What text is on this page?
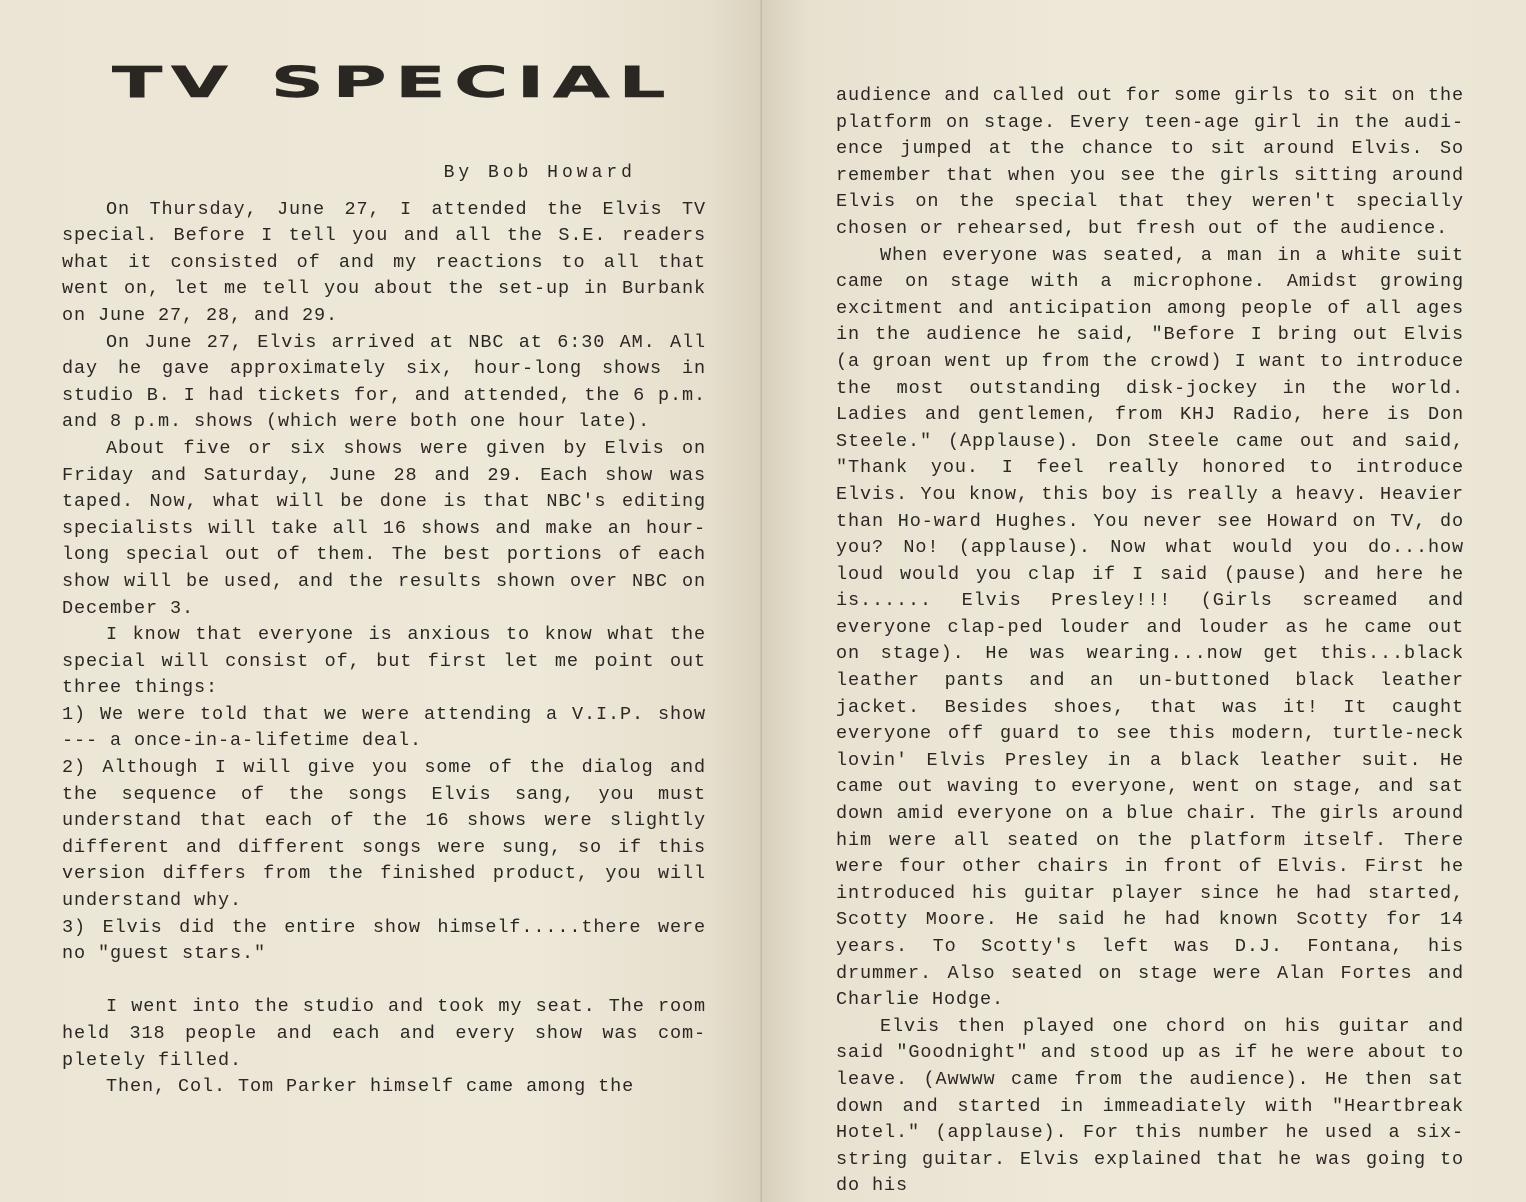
TV SPECIAL
By Bob Howard

On Thursday, June 27, I attended the Elvis TV special. Before I tell you and all the S.E. readers what it consisted of and my reactions to all that went on, let me tell you about the set-up in Burbank on June 27, 28, and 29.

On June 27, Elvis arrived at NBC at 6:30 AM. All day he gave approximately six, hour-long shows in studio B. I had tickets for, and attended, the 6 p.m. and 8 p.m. shows (which were both one hour late).

About five or six shows were given by Elvis on Friday and Saturday, June 28 and 29. Each show was taped. Now, what will be done is that NBC's editing specialists will take all 16 shows and make an hour-long special out of them. The best portions of each show will be used, and the results shown over NBC on December 3.

I know that everyone is anxious to know what the special will consist of, but first let me point out three things:

1) We were told that we were attending a V.I.P. show --- a once-in-a-lifetime deal.

2) Although I will give you some of the dialog and the sequence of the songs Elvis sang, you must understand that each of the 16 shows were slightly different and different songs were sung, so if this version differs from the finished product, you will understand why.

3) Elvis did the entire show himself.....there were no "guest stars."

I went into the studio and took my seat. The room held 318 people and each and every show was com-pletely filled.

Then, Col. Tom Parker himself came among the

audience and called out for some girls to sit on the platform on stage. Every teen-age girl in the audi-ence jumped at the chance to sit around Elvis. So remember that when you see the girls sitting around Elvis on the special that they weren't specially chosen or rehearsed, but fresh out of the audience.

When everyone was seated, a man in a white suit came on stage with a microphone. Amidst growing excitment and anticipation among people of all ages in the audience he said, "Before I bring out Elvis (a groan went up from the crowd) I want to introduce the most outstanding disk-jockey in the world. Ladies and gentlemen, from KHJ Radio, here is Don Steele." (Applause). Don Steele came out and said, "Thank you. I feel really honored to introduce Elvis. You know, this boy is really a heavy. Heavier than Ho-ward Hughes. You never see Howard on TV, do you? No! (applause). Now what would you do...how loud would you clap if I said (pause) and here he is...... Elvis Presley!!! (Girls screamed and everyone clap-ped louder and louder as he came out on stage). He was wearing...now get this...black leather pants and an un-buttoned black leather jacket. Besides shoes, that was it! It caught everyone off guard to see this modern, turtle-neck lovin' Elvis Presley in a black leather suit. He came out waving to everyone, went on stage, and sat down amid everyone on a blue chair. The girls around him were all seated on the platform itself. There were four other chairs in front of Elvis. First he introduced his guitar player since he had started, Scotty Moore. He said he had known Scotty for 14 years. To Scotty's left was D.J. Fontana, his drummer. Also seated on stage were Alan Fortes and Charlie Hodge.

Elvis then played one chord on his guitar and said "Goodnight" and stood up as if he were about to leave. (Awwww came from the audience). He then sat down and started in immeadiately with "Heartbreak Hotel." (applause). For this number he used a six-string guitar. Elvis explained that he was going to do his
